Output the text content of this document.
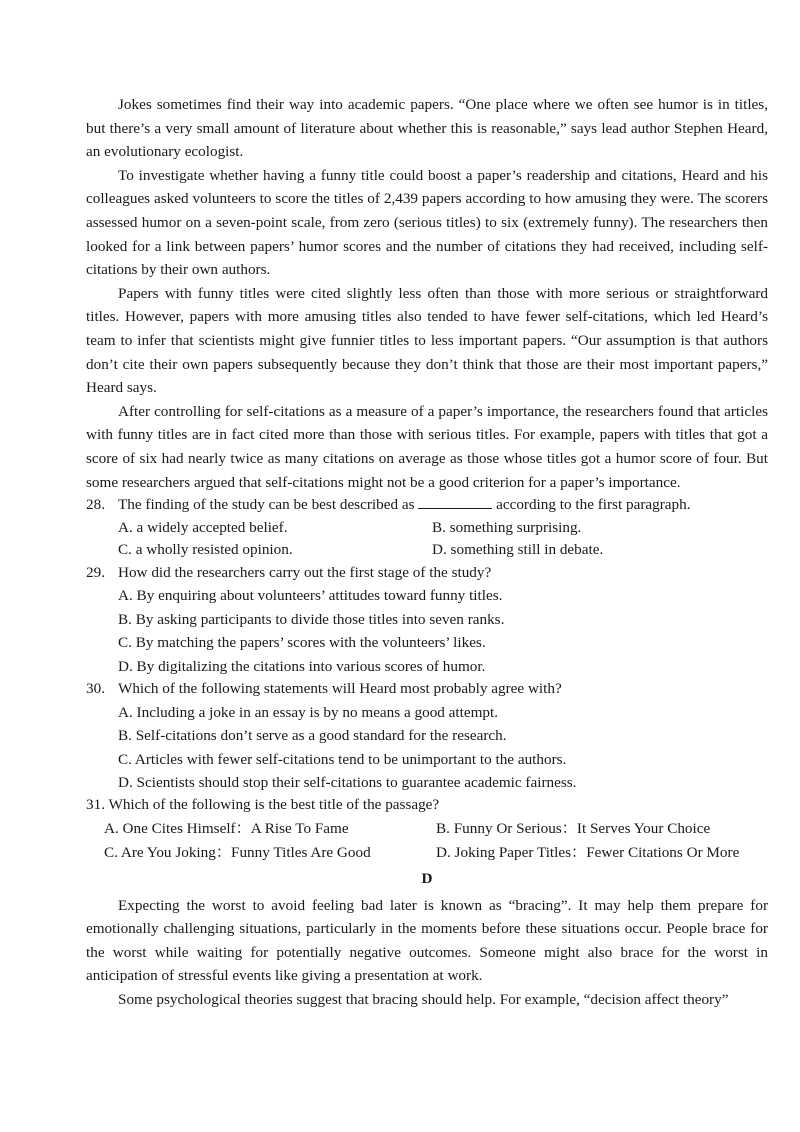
Jokes sometimes find their way into academic papers. “One place where we often see humor is in titles, but there’s a very small amount of literature about whether this is reasonable,” says lead author Stephen Heard, an evolutionary ecologist.

To investigate whether having a funny title could boost a paper’s readership and citations, Heard and his colleagues asked volunteers to score the titles of 2,439 papers according to how amusing they were. The scorers assessed humor on a seven-point scale, from zero (serious titles) to six (extremely funny). The researchers then looked for a link between papers’ humor scores and the number of citations they had received, including self-citations by their own authors.

Papers with funny titles were cited slightly less often than those with more serious or straightforward titles. However, papers with more amusing titles also tended to have fewer self-citations, which led Heard’s team to infer that scientists might give funnier titles to less important papers. “Our assumption is that authors don’t cite their own papers subsequently because they don’t think that those are their most important papers,” Heard says.

After controlling for self-citations as a measure of a paper’s importance, the researchers found that articles with funny titles are in fact cited more than those with serious titles. For example, papers with titles that got a score of six had nearly twice as many citations on average as those whose titles got a humor score of four. But some researchers argued that self-citations might not be a good criterion for a paper’s importance.

28. The finding of the study can be best described as	according to the first paragraph.

A. a widely accepted belief.	B. something surprising.
C. a wholly resisted opinion.	D. something still in debate.

29. How did the researchers carry out the first stage of the study?

A. By enquiring about volunteers’ attitudes toward funny titles.

B. By asking participants to divide those titles into seven ranks.

C. By matching the papers’ scores with the volunteers’ likes.

D. By digitalizing the citations into various scores of humor.

30. Which of the following statements will Heard most probably agree with?

A. Including a joke in an essay is by no means a good attempt.

B. Self-citations don’t serve as a good standard for the research.

C. Articles with fewer self-citations tend to be unimportant to the authors.

D. Scientists should stop their self-citations to guarantee academic fairness.

31. Which of the following is the best title of the passage?

A. One Cites Himself：A Rise To Fame	B. Funny Or Serious：It Serves Your Choice
C. Are You Joking：Funny Titles Are Good	D. Joking Paper Titles：Fewer Citations Or More
D

Expecting the worst to avoid feeling bad later is known as “bracing”. It may help them prepare for emotionally challenging situations, particularly in the moments before these situations occur. People brace for the worst while waiting for potentially negative outcomes. Someone might also brace for the worst in anticipation of stressful events like giving a presentation at work.

Some psychological theories suggest that bracing should help. For example, “decision affect theory”
